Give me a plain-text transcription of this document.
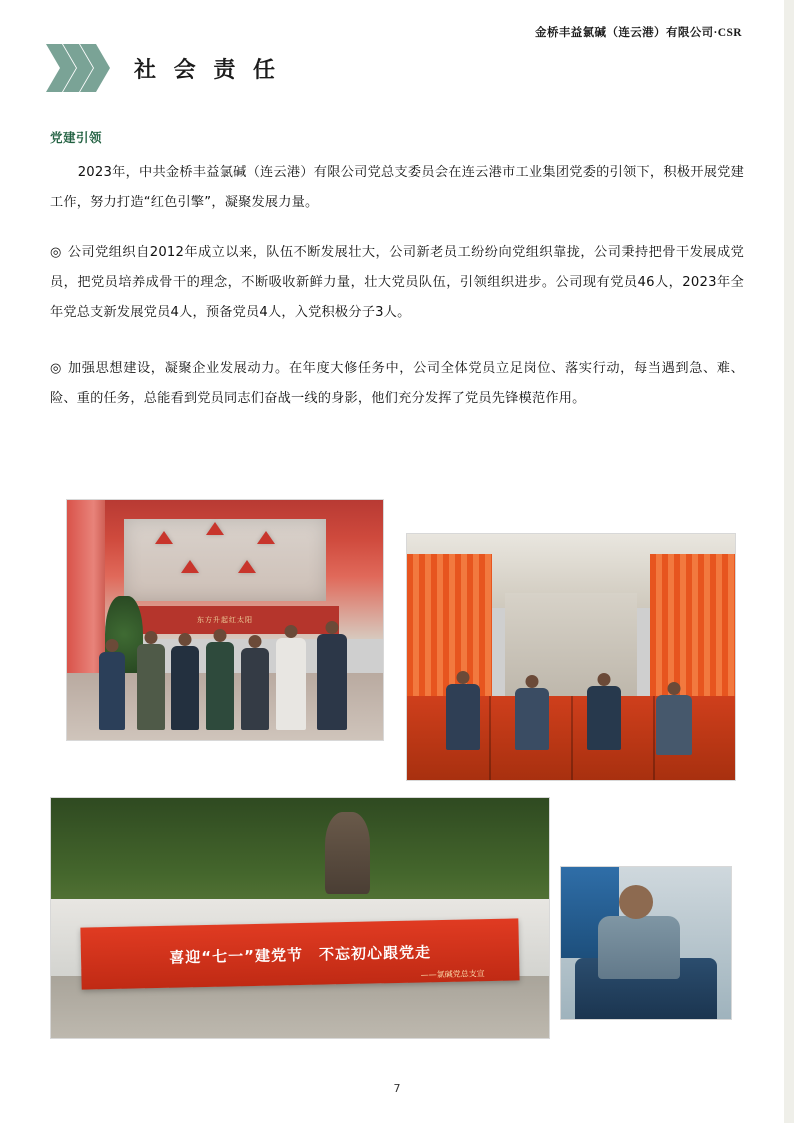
金桥丰益氯碱（连云港）有限公司·CSR
社 会 责 任
党建引领
2023年，中共金桥丰益氯碱（连云港）有限公司党总支委员会在连云港市工业集团党委的引领下，积极开展党建工作，努力打造“红色引擎”，凝聚发展力量。
◎ 公司党组织自2012年成立以来，队伍不断发展壮大，公司新老员工纷纷向党组织靠拢，公司秉持把骨干发展成党员，把党员培养成骨干的理念，不断吸收新鲜力量，壮大党员队伍，引领组织进步。公司现有党员46人，2023年全年党总支新发展党员4人，预备党员4人，入党积极分子3人。
◎ 加强思想建设，凝聚企业发展动力。在年度大修任务中，公司全体党员立足岗位、落实行动，每当遇到急、难、险、重的任务，总能看到党员同志们奋战一线的身影，他们充分发挥了党员先锋模范作用。
东方升起红太阳
喜迎“七一”建党节　不忘初心跟党走
——氯碱党总支宣
7
